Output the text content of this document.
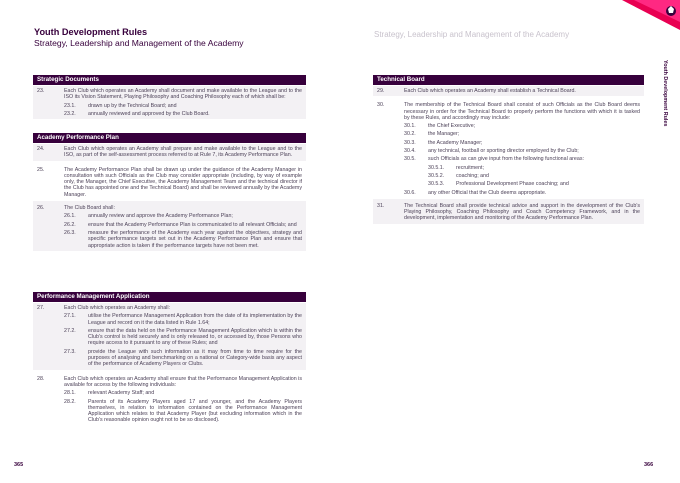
Youth Development Rules
Strategy, Leadership and Management of the Academy
Strategic Documents
23.	Each Club which operates an Academy shall document and make available to the League and to the ISO its Vision Statement, Playing Philosophy and Coaching Philosophy each of which shall be:
23.1.	drawn up by the Technical Board; and
23.2.	annually reviewed and approved by the Club Board.
Academy Performance Plan
24.	Each Club which operates an Academy shall prepare and make available to the League and to the ISO, as part of the self-assessment process referred to at Rule 7, its Academy Performance Plan.
25.	The Academy Performance Plan shall be drawn up under the guidance of the Academy Manager in consultation with such Officials as the Club may consider appropriate (including, by way of example only, the Manager, the Chief Executive, the Academy Management Team and the technical director if the Club has appointed one and the Technical Board) and shall be reviewed annually by the Academy Manager.
26.	The Club Board shall:
26.1.	annually review and approve the Academy Performance Plan;
26.2.	ensure that the Academy Performance Plan is communicated to all relevant Officials; and
26.3.	measure the performance of the Academy each year against the objectives, strategy and specific performance targets set out in the Academy Performance Plan and ensure that appropriate action is taken if the performance targets have not been met.
Performance Management Application
27.	Each Club which operates an Academy shall:
27.1.	utilise the Performance Management Application from the date of its implementation by the League and record on it the data listed in Rule 1.64;
27.2.	ensure that the data held on the Performance Management Application which is within the Club’s control is held securely and is only released to, or accessed by, those Persons who require access to it pursuant to any of these Rules; and
27.3.	provide the League with such information as it may from time to time require for the purposes of analysing and benchmarking on a national or Category-wide basis any aspect of the performance of Academy Players or Clubs.
28.	Each Club which operates an Academy shall ensure that the Performance Management Application is available for access by the following individuals:
28.1.	relevant Academy Staff; and
28.2.	Parents of its Academy Players aged 17 and younger, and the Academy Players themselves, in relation to information contained on the Performance Management Application which relates to that Academy Player (but excluding information which in the Club’s reasonable opinion ought not to be so disclosed).
365
Strategy, Leadership and Management of the Academy
Youth Development Rules
Technical Board
29.	Each Club which operates an Academy shall establish a Technical Board.
30.	The membership of the Technical Board shall consist of such Officials as the Club Board deems necessary in order for the Technical Board to properly perform the functions with which it is tasked by these Rules, and accordingly may include:
30.1.	the Chief Executive;
30.2.	the Manager;
30.3.	the Academy Manager;
30.4.	any technical, football or sporting director employed by the Club;
30.5.	such Officials as can give input from the following functional areas:
30.5.1.	recruitment;
30.5.2.	coaching; and
30.5.3.	Professional Development Phase coaching; and
30.6.	any other Official that the Club deems appropriate.
31.	The Technical Board shall provide technical advice and support in the development of the Club’s Playing Philosophy, Coaching Philosophy and Coach Competency Framework, and in the development, implementation and monitoring of the Academy Performance Plan.
366
